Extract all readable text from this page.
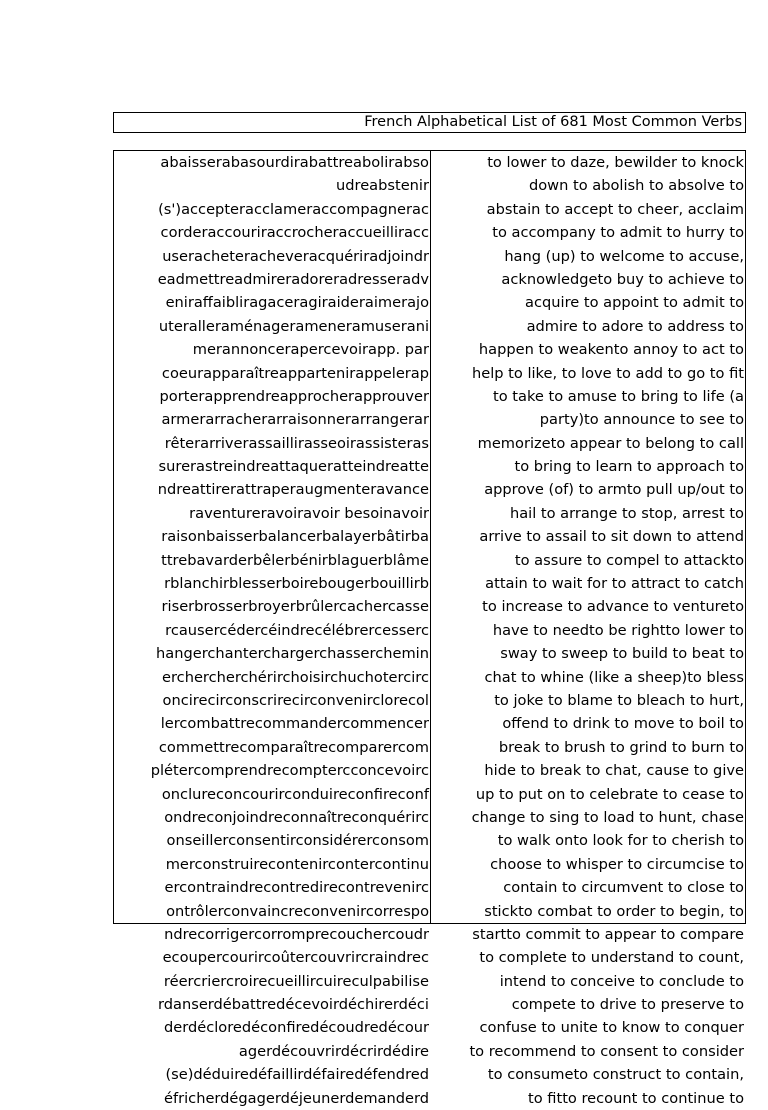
French Alphabetical List of 681 Most Common Verbs
abaisserabasourdirabattreabolirabso
udreabstenir
(s')accepteracclameraccompagnerac
corderaccouriraccrocheraccueilliracc
useracheteracheveracquériradjoindr
eadmettreadmireradoreradresseradv
eniraffaibliragaceragiraideraimerajo
uteralleraménagerameneramuserani
merannoncerapercevoirapp. par
coeurapparaîtreappartenirappelerap
porterapprendreapprocherapprouver
armerarracherarraisonnerarrangerar
rêterarriverassaillirasseoirassisteras
surerastreindreattaqueratteindreatte
ndreattirerattraperaugmenteravance
raventureravoiravoir besoinavoir
raisonbaisserbalancerbalayerbâtirba
ttrebavarderbêlerbénirblaguerblâme
rblanchirblesserboirebougerbouillirb
riserbrosserbroyerbrûlercachercasse
rcausercédercéindrecélébrercesserc
hangerchanterchargerchasserchemin
erchercherchérirchoisirchuchotercirc
oncirecirconscrirecirconvenirclorecol
lercombattrecommandercommencer
commettrecomparaîtrecomparercom
plétercomprendrecomptercconcevoirc
onclureconcourirconduireconfireconf
ondreconjoindreconnaîtreconquérirc
onseillerconsentirconsidérerconsom
merconstruirecontenircontercontinu
ercontraindrecontredirecontrevenirc
ontrôlerconvaincreconvenircorrespo
ndrecorrigercorromprecouchercoudr
ecoupercourircoûtercouvrircraindrec
réercriercroirecueillircuireculpabilise
rdanserdébattredécevoirdéchirerdéci
derdécloredéconfiredécoudredécour
agerdécouvrirdécrirdédire
(se)déduiredéfaillirdéfairedéfendred
éfricherdégagerdéjeunerdemanderd
to lower to daze, bewilder to knock
down to abolish to absolve to
abstain to accept to cheer, acclaim
to accompany to admit to hurry to
hang (up) to welcome to accuse,
acknowledgeto buy to achieve to
acquire to appoint to admit to
admire to adore to address to
happen to weakento annoy to act to
help to like, to love to add to go to fit
to take to amuse to bring to life (a
party)to announce to see to
memorizeto appear to belong to call
to bring to learn to approach to
approve (of) to armto pull up/out to
hail to arrange to stop, arrest to
arrive to assail to sit down to attend
to assure to compel to attackto
attain to wait for to attract to catch
to increase to advance to ventureto
have to needto be rightto lower to
sway to sweep to build to beat to
chat to whine (like a sheep)to bless
to joke to blame to bleach to hurt,
offend to drink to move to boil to
break to brush to grind to burn to
hide to break to chat, cause to give
up to put on to celebrate to cease to
change to sing to load to hunt, chase
to walk onto look for to cherish to
choose to whisper to circumcise to
contain to circumvent to close to
stickto combat to order to begin, to
startto commit to appear to compare
to complete to understand to count,
intend to conceive to conclude to
compete to drive to preserve to
confuse to unite to know to conquer
to recommend to consent to consider
to consumeto construct to contain,
to fitto recount to continue to
